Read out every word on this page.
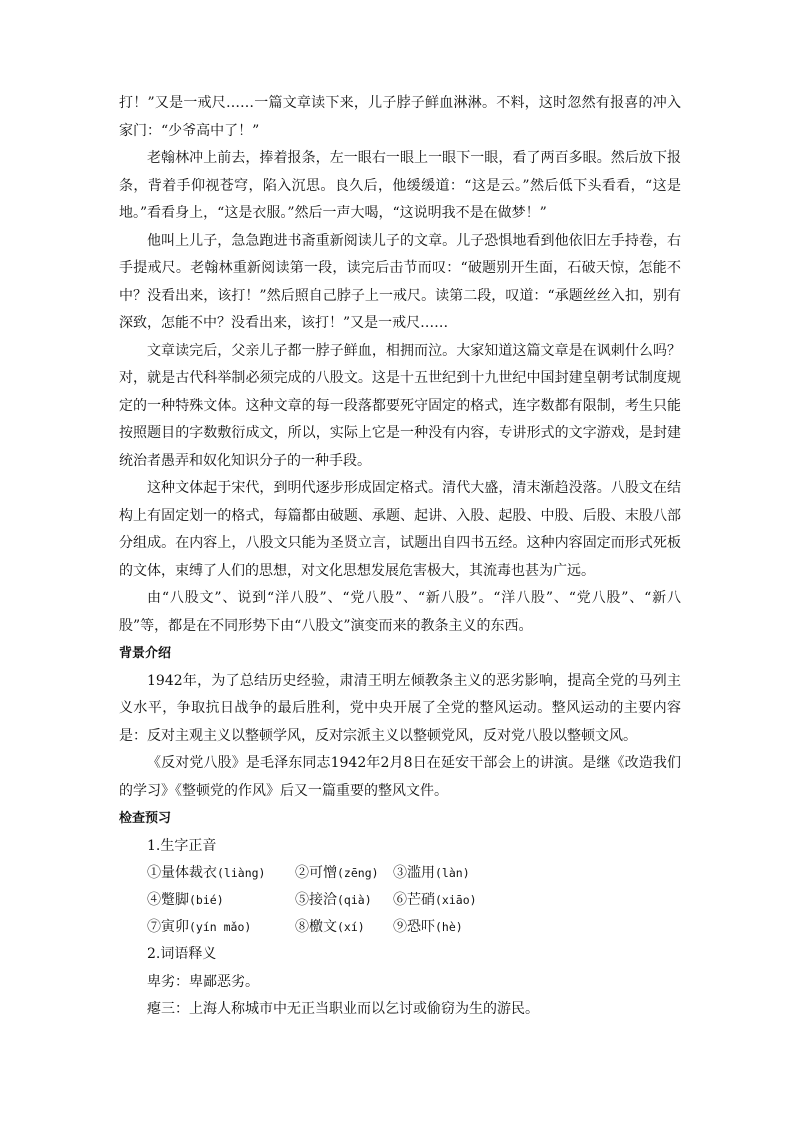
打！”又是一戒尺……一篇文章读下来，儿子脖子鲜血淋淋。不料，这时忽然有报喜的冲入家门：“少爷高中了！”

老翰林冲上前去，捧着报条，左一眼右一眼上一眼下一眼，看了两百多眼。然后放下报条，背着手仰视苍穹，陷入沉思。良久后，他缓缓道：“这是云。”然后低下头看看，“这是地。”看看身上，“这是衣服。”然后一声大喝，“这说明我不是在做梦！”

他叫上儿子，急急跑进书斋重新阅读儿子的文章。儿子恐惧地看到他依旧左手持卷，右手提戒尺。老翰林重新阅读第一段，读完后击节而叹：“破题别开生面，石破天惊，怎能不中？没看出来，该打！”然后照自己脖子上一戒尺。读第二段，叹道：“承题丝丝入扣，别有深致，怎能不中？没看出来，该打！”又是一戒尺……

文章读完后，父亲儿子都一脖子鲜血，相拥而泣。大家知道这篇文章是在讽刺什么吗？对，就是古代科举制必须完成的八股文。这是十五世纪到十九世纪中国封建皇朝考试制度规定的一种特殊文体。这种文章的每一段落都要死守固定的格式，连字数都有限制，考生只能按照题目的字数敷衍成文，所以，实际上它是一种没有内容，专讲形式的文字游戏，是封建统治者愚弄和奴化知识分子的一种手段。

这种文体起于宋代，到明代逐步形成固定格式。清代大盛，清末渐趋没落。八股文在结构上有固定划一的格式，每篇都由破题、承题、起讲、入股、起股、中股、后股、末股八部分组成。在内容上，八股文只能为圣贤立言，试题出自四书五经。这种内容固定而形式死板的文体，束缚了人们的思想，对文化思想发展危害极大，其流毒也甚为广远。

由“八股文”、说到“洋八股”、“党八股”、“新八股”。“洋八股”、“党八股”、“新八股”等，都是在不同形势下由“八股文”演变而来的教条主义的东西。

背景介绍

1942年，为了总结历史经验，肃清王明左倾教条主义的恶劣影响，提高全党的马列主义水平，争取抗日战争的最后胜利，党中央开展了全党的整风运动。整风运动的主要内容是：反对主观主义以整顿学风，反对宗派主义以整顿党风，反对党八股以整顿文风。

《反对党八股》是毛泽东同志1942年2月8日在延安干部会上的讲演。是继《改造我们的学习》《整顿党的作风》后又一篇重要的整风文件。

检查预习

1.生字正音

①量体裁衣(liàng)	②可憎(zēng)	③滥用(làn)
④蹩脚(bié)	⑤接洽(qià)	⑥芒硝(xiāo)
⑦寅卯(yín mǎo)	⑧檄文(xí)	⑨恐吓(hè)

2.词语释义

卑劣：卑鄙恶劣。

瘪三：上海人称城市中无正当职业而以乞讨或偷窃为生的游民。
